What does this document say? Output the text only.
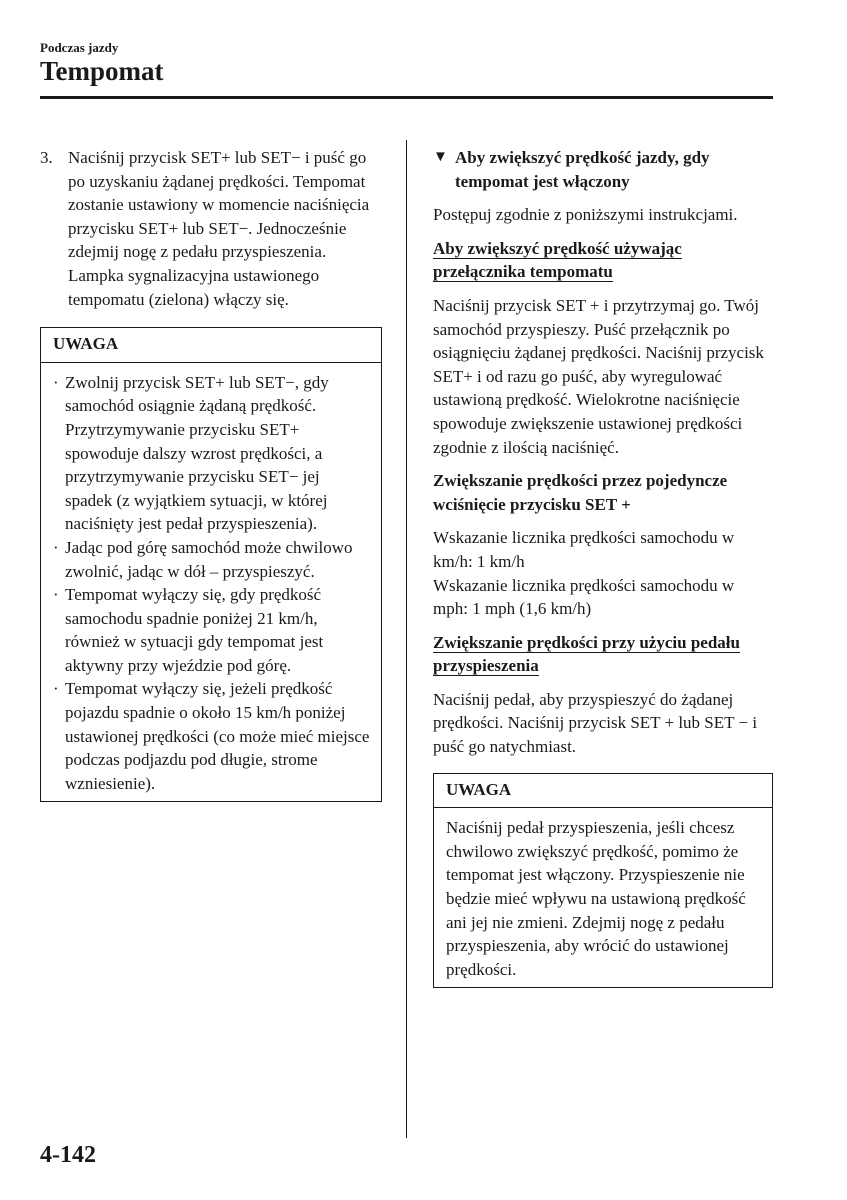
Podczas jazdy
Tempomat
3. Naciśnij przycisk SET+ lub SET− i puść go po uzyskaniu żądanej prędkości. Tempomat zostanie ustawiony w momencie naciśnięcia przycisku SET+ lub SET−. Jednocześnie zdejmij nogę z pedału przyspieszenia. Lampka sygnalizacyjna ustawionego tempomatu (zielona) włączy się.
UWAGA
· Zwolnij przycisk SET+ lub SET−, gdy samochód osiągnie żądaną prędkość. Przytrzymywanie przycisku SET+ spowoduje dalszy wzrost prędkości, a przytrzymywanie przycisku SET− jej spadek (z wyjątkiem sytuacji, w której naciśnięty jest pedał przyspieszenia).
· Jadąc pod górę samochód może chwilowo zwolnić, jadąc w dół – przyspieszyć.
· Tempomat wyłączy się, gdy prędkość samochodu spadnie poniżej 21 km/h, również w sytuacji gdy tempomat jest aktywny przy wjeździe pod górę.
· Tempomat wyłączy się, jeżeli prędkość pojazdu spadnie o około 15 km/h poniżej ustawionej prędkości (co może mieć miejsce podczas podjazdu pod długie, strome wzniesienie).
▼ Aby zwiększyć prędkość jazdy, gdy tempomat jest włączony

Postępuj zgodnie z poniższymi instrukcjami.

Aby zwiększyć prędkość używając przełącznika tempomatu

Naciśnij przycisk SET + i przytrzymaj go. Twój samochód przyspieszy. Puść przełącznik po osiągnięciu żądanej prędkości. Naciśnij przycisk SET+ i od razu go puść, aby wyregulować ustawioną prędkość. Wielokrotne naciśnięcie spowoduje zwiększenie ustawionej prędkości zgodnie z ilością naciśnięć.

Zwiększanie prędkości przez pojedyncze wciśnięcie przycisku SET +

Wskazanie licznika prędkości samochodu w km/h: 1 km/h

Wskazanie licznika prędkości samochodu w mph: 1 mph (1,6 km/h)

Zwiększanie prędkości przy użyciu pedału przyspieszenia

Naciśnij pedał, aby przyspieszyć do żądanej prędkości. Naciśnij przycisk SET + lub SET − i puść go natychmiast.

UWAGA
Naciśnij pedał przyspieszenia, jeśli chcesz chwilowo zwiększyć prędkość, pomimo że tempomat jest włączony. Przyspieszenie nie będzie mieć wpływu na ustawioną prędkość ani jej nie zmieni. Zdejmij nogę z pedału przyspieszenia, aby wrócić do ustawionej prędkości.
4-142
